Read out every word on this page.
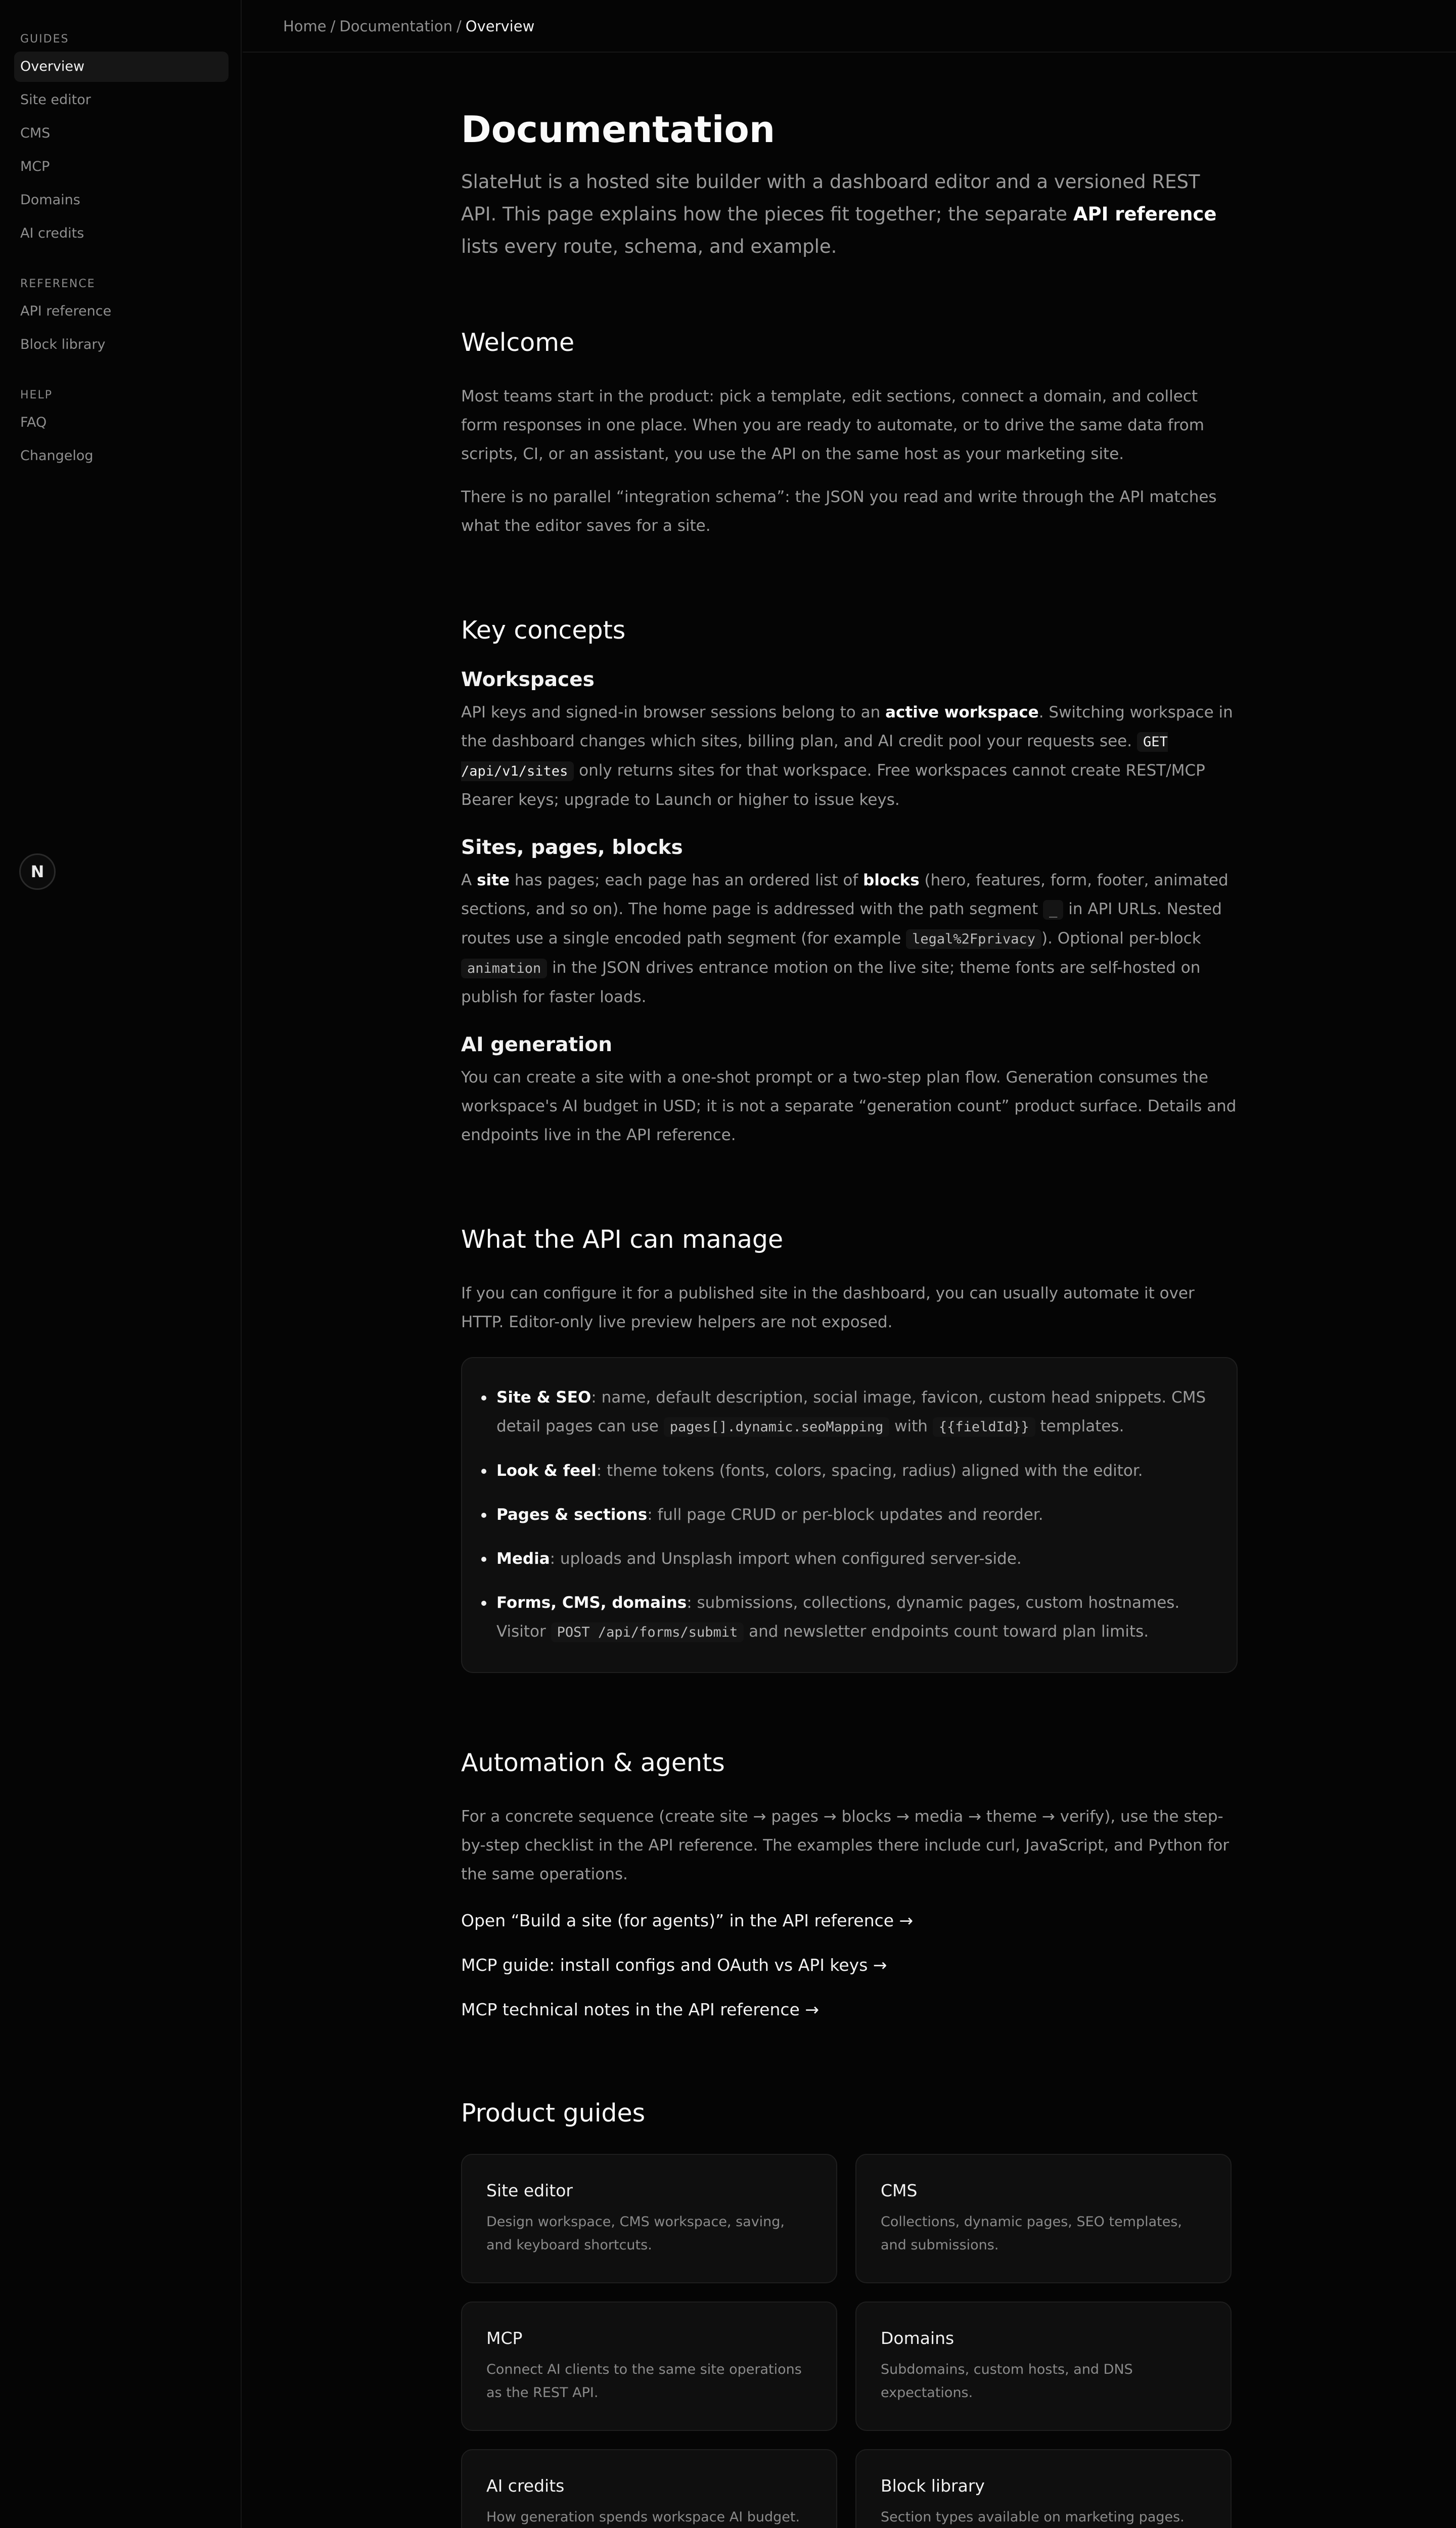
GUIDES
Overview
Site editor
CMS
MCP
Domains
AI credits
REFERENCE
API reference
Block library
HELP
FAQ
Changelog
N
Home / Documentation / Overview
Documentation

SlateHut is a hosted site builder with a dashboard editor and a versioned REST API. This page explains how the pieces fit together; the separate API reference lists every route, schema, and example.

Welcome

Most teams start in the product: pick a template, edit sections, connect a domain, and collect form responses in one place. When you are ready to automate, or to drive the same data from scripts, CI, or an assistant, you use the API on the same host as your marketing site.

There is no parallel “integration schema”: the JSON you read and write through the API matches what the editor saves for a site.

Key concepts
Workspaces

API keys and signed-in browser sessions belong to an active workspace. Switching workspace in the dashboard changes which sites, billing plan, and AI credit pool your requests see. GET /api/v1/sites only returns sites for that workspace. Free workspaces cannot create REST/MCP Bearer keys; upgrade to Launch or higher to issue keys.

Sites, pages, blocks

A site has pages; each page has an ordered list of blocks (hero, features, form, footer, animated sections, and so on). The home page is addressed with the path segment _ in API URLs. Nested routes use a single encoded path segment (for example legal%2Fprivacy ). Optional per-block animation in the JSON drives entrance motion on the live site; theme fonts are self-hosted on publish for faster loads.

AI generation

You can create a site with a one-shot prompt or a two-step plan flow. Generation consumes the workspace's AI budget in USD; it is not a separate “generation count” product surface. Details and endpoints live in the API reference.

What the API can manage

If you can configure it for a published site in the dashboard, you can usually automate it over HTTP. Editor-only live preview helpers are not exposed.

Site & SEO: name, default description, social image, favicon, custom head snippets. CMS detail pages can use pages[].dynamic.seoMapping with {{fieldId}} templates.
Look & feel: theme tokens (fonts, colors, spacing, radius) aligned with the editor.
Pages & sections: full page CRUD or per-block updates and reorder.
Media: uploads and Unsplash import when configured server-side.
Forms, CMS, domains: submissions, collections, dynamic pages, custom hostnames. Visitor POST /api/forms/submit and newsletter endpoints count toward plan limits.
Automation & agents

For a concrete sequence (create site → pages → blocks → media → theme → verify), use the step-by-step checklist in the API reference. The examples there include curl, JavaScript, and Python for the same operations.

Open “Build a site (for agents)” in the API reference →
MCP guide: install configs and OAuth vs API keys →
MCP technical notes in the API reference →
Product guides
Site editor
Design workspace, CMS workspace, saving, and keyboard shortcuts.
CMS
Collections, dynamic pages, SEO templates, and submissions.
MCP
Connect AI clients to the same site operations as the REST API.
Domains
Subdomains, custom hosts, and DNS expectations.
AI credits
How generation spends workspace AI budget.
Block library
Section types available on marketing pages.
